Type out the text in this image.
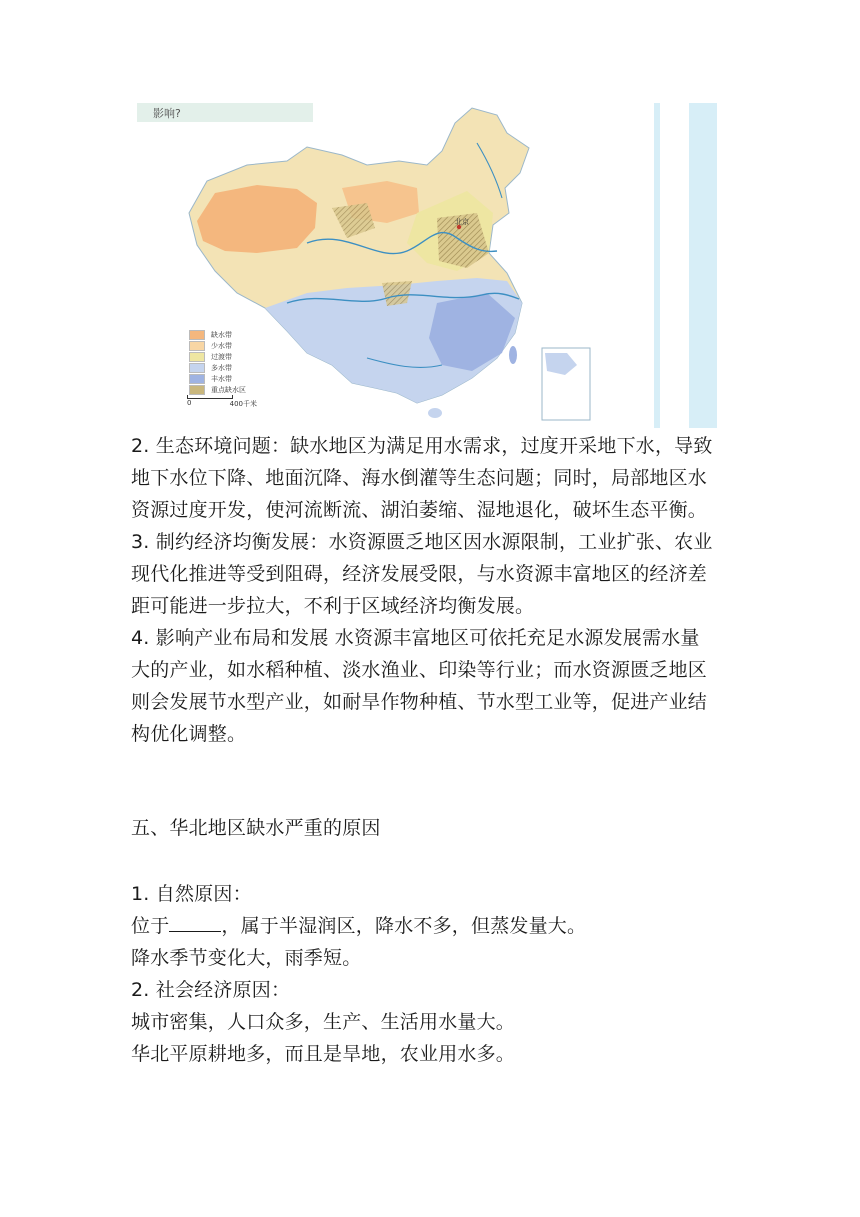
影响?
北京
缺水带
少水带
过渡带
多水带
丰水带
重点缺水区
0	400千米

2. 生态环境问题：缺水地区为满足用水需求，过度开采地下水，导致

地下水位下降、地面沉降、海水倒灌等生态问题；同时，局部地区水

资源过度开发，使河流断流、湖泊萎缩、湿地退化，破坏生态平衡。

3. 制约经济均衡发展：水资源匮乏地区因水源限制，工业扩张、农业

现代化推进等受到阻碍，经济发展受限，与水资源丰富地区的经济差

距可能进一步拉大，不利于区域经济均衡发展。

4. 影响产业布局和发展 水资源丰富地区可依托充足水源发展需水量

大的产业，如水稻种植、淡水渔业、印染等行业；而水资源匮乏地区

则会发展节水型产业，如耐旱作物种植、节水型工业等，促进产业结

构优化调整。

五、华北地区缺水严重的原因

1. 自然原因：

位于	，属于半湿润区，降水不多，但蒸发量大。

降水季节变化大，雨季短。

2. 社会经济原因：

城市密集，人口众多，生产、生活用水量大。

华北平原耕地多，而且是旱地，农业用水多。
